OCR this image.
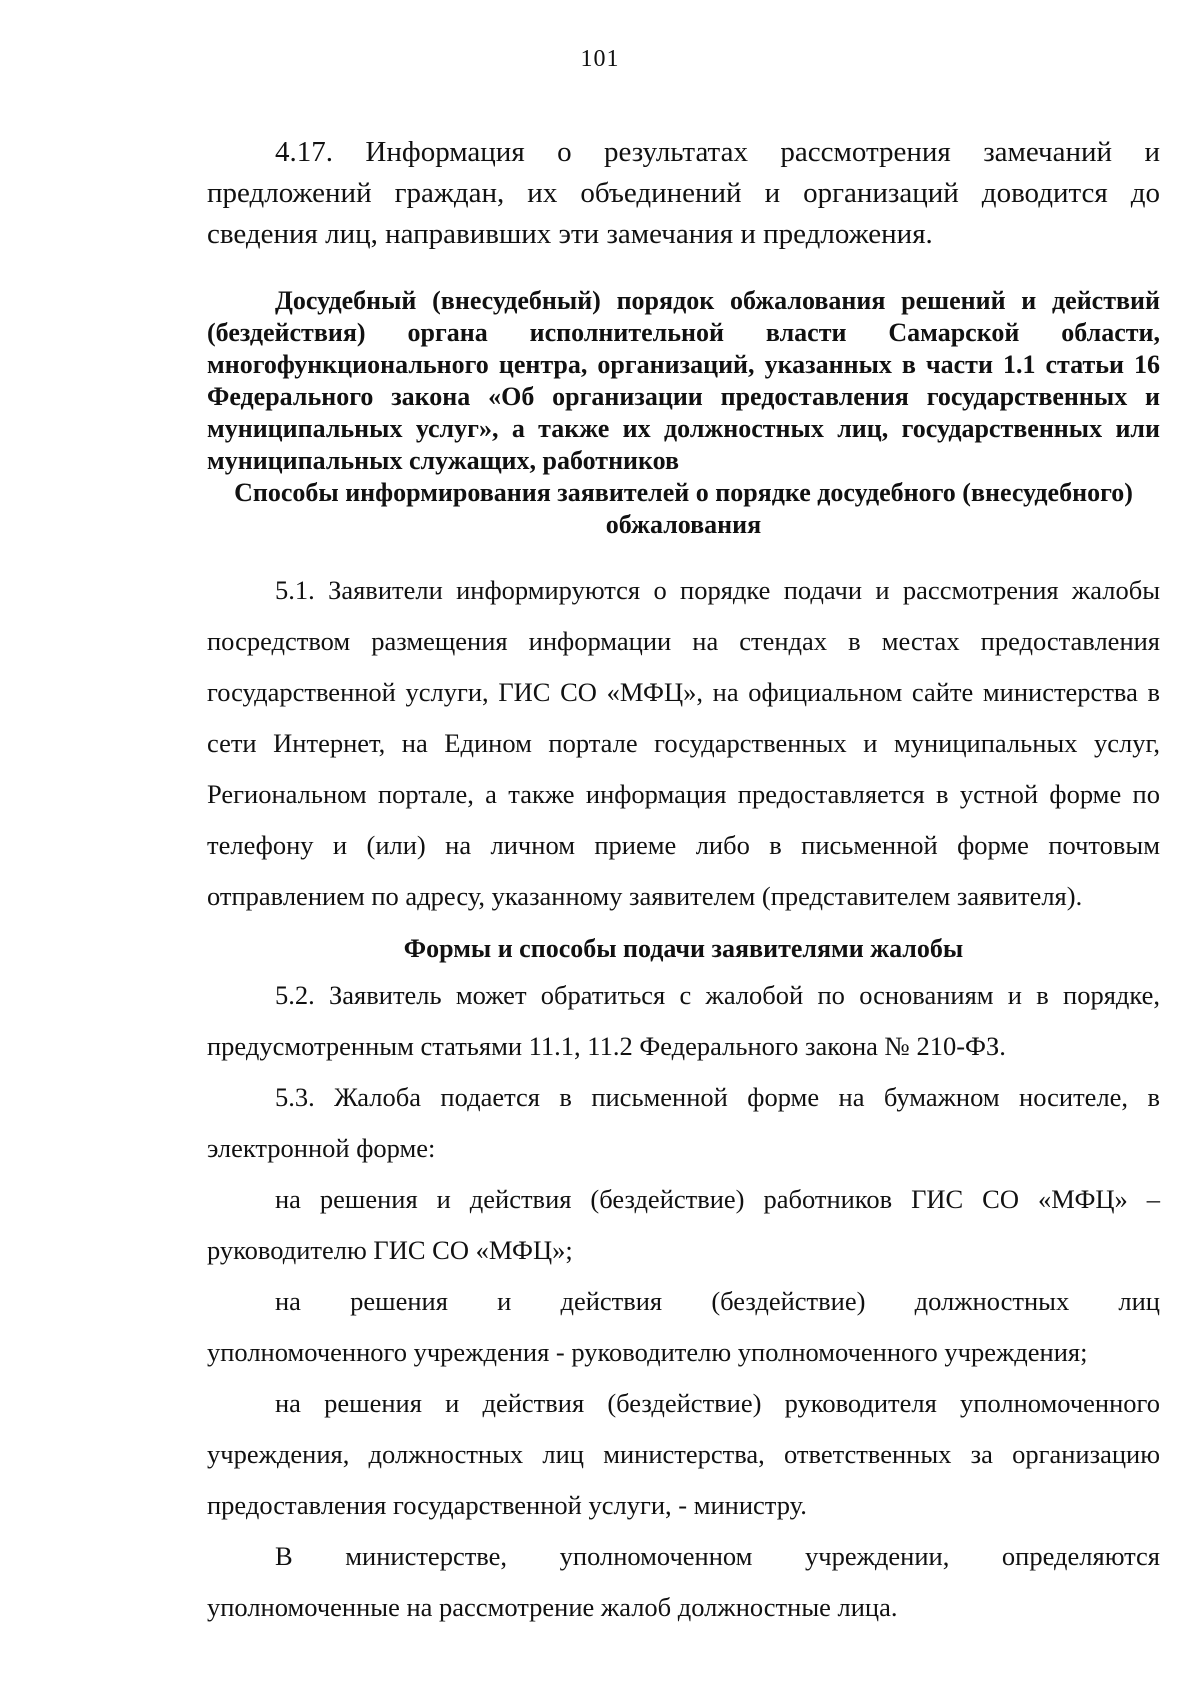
101

4.17. Информация о результатах рассмотрения замечаний и предложений граждан, их объединений и организаций доводится до сведения лиц, направивших эти замечания и предложения.

Досудебный (внесудебный) порядок обжалования решений и действий (бездействия) органа исполнительной власти Самарской области, многофункционального центра, организаций, указанных в части 1.1 статьи 16 Федерального закона «Об организации предоставления государственных и муниципальных услуг», а также их должностных лиц, государственных или муниципальных служащих, работников

Способы информирования заявителей о порядке досудебного (внесудебного) обжалования

5.1. Заявители информируются о порядке подачи и рассмотрения жалобы посредством размещения информации на стендах в местах предоставления государственной услуги, ГИС СО «МФЦ», на официальном сайте министерства в сети Интернет, на Едином портале государственных и муниципальных услуг, Региональном портале, а также информация предоставляется в устной форме по телефону и (или) на личном приеме либо в письменной форме почтовым отправлением по адресу, указанному заявителем (представителем заявителя).

Формы и способы подачи заявителями жалобы

5.2. Заявитель может обратиться с жалобой по основаниям и в порядке, предусмотренным статьями 11.1, 11.2 Федерального закона № 210-ФЗ.

5.3. Жалоба подается в письменной форме на бумажном носителе, в электронной форме:

на решения и действия (бездействие) работников ГИС СО «МФЦ» – руководителю ГИС СО «МФЦ»;

на решения и действия (бездействие) должностных лиц

уполномоченного учреждения - руководителю уполномоченного учреждения;

на решения и действия (бездействие) руководителя уполномоченного учреждения, должностных лиц министерства, ответственных за организацию предоставления государственной услуги, - министру.

В министерстве, уполномоченном учреждении, определяются

уполномоченные на рассмотрение жалоб должностные лица.
